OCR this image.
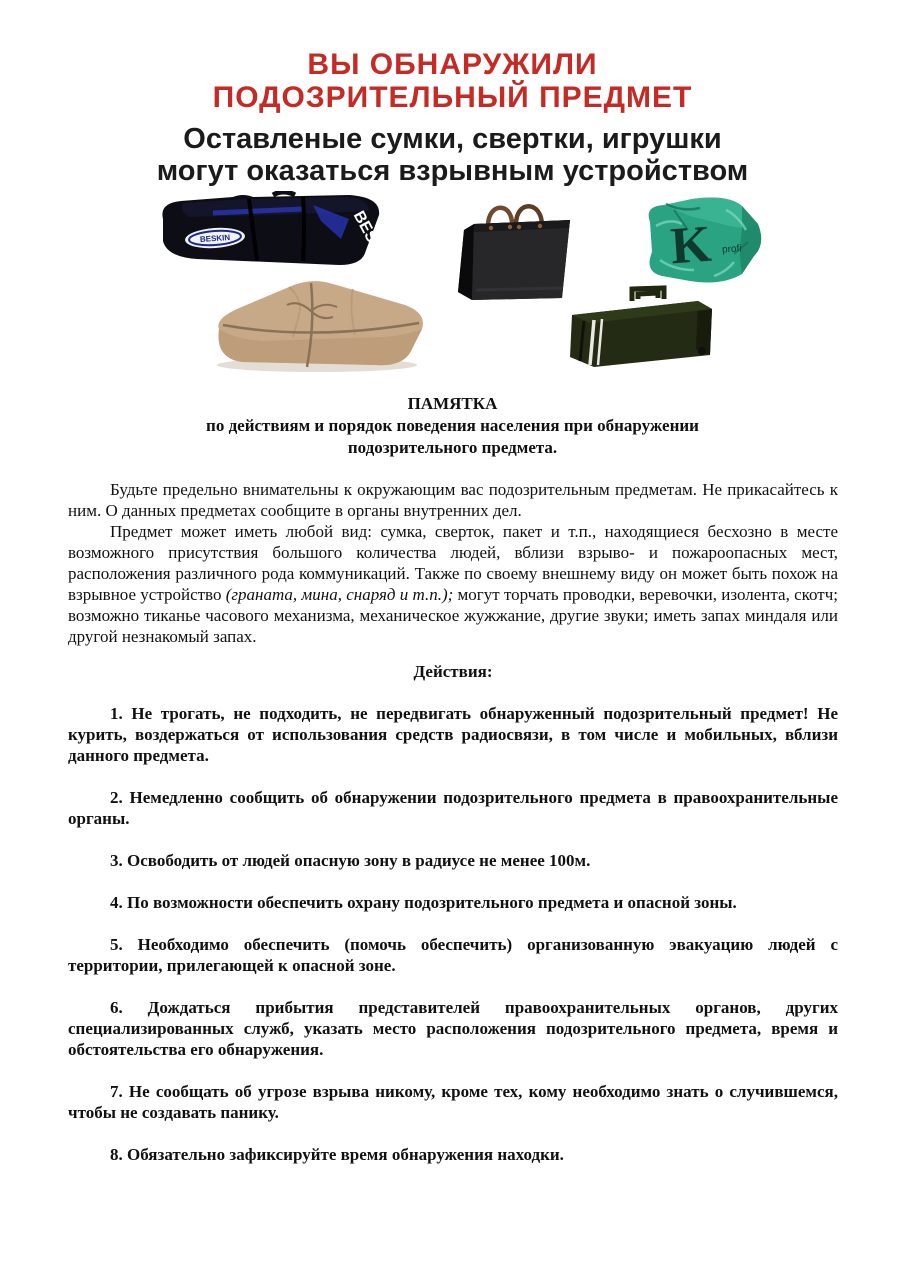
ВЫ ОБНАРУЖИЛИ
ПОДОЗРИТЕЛЬНЫЙ ПРЕДМЕТ
Оставленые сумки, свертки, игрушки
могут оказаться взрывным устройством
BESKIN	BES	K profi
ПАМЯТКА
по действиям и порядок поведения населения при обнаружении
подозрительного предмета.

Будьте предельно внимательны к окружающим вас подозрительным предметам. Не прикасайтесь к ним. О данных предметах сообщите в органы внутренних дел.

Предмет может иметь любой вид: сумка, сверток, пакет и т.п., находящиеся бесхозно в месте возможного присутствия большого количества людей, вблизи взрыво- и пожароопасных мест, расположения различного рода коммуникаций. Также по своему внешнему виду он может быть похож на взрывное устройство (граната, мина, снаряд и т.п.); могут торчать проводки, веревочки, изолента, скотч; возможно тиканье часового механизма, механическое жужжание, другие звуки; иметь запах миндаля или другой незнакомый запах.

Действия:

1. Не трогать, не подходить, не передвигать обнаруженный подозрительный предмет! Не курить, воздержаться от использования средств радиосвязи, в том числе и мобильных, вблизи данного предмета.

2. Немедленно сообщить об обнаружении подозрительного предмета в правоохранительные органы.

3. Освободить от людей опасную зону в радиусе не менее 100м.

4. По возможности обеспечить охрану подозрительного предмета и опасной зоны.

5. Необходимо обеспечить (помочь обеспечить) организованную эвакуацию людей с территории, прилегающей к опасной зоне.

6. Дождаться прибытия представителей правоохранительных органов, других специализированных служб, указать место расположения подозрительного предмета, время и обстоятельства его обнаружения.

7. Не сообщать об угрозе взрыва никому, кроме тех, кому необходимо знать о случившемся, чтобы не создавать панику.

8. Обязательно зафиксируйте время обнаружения находки.
